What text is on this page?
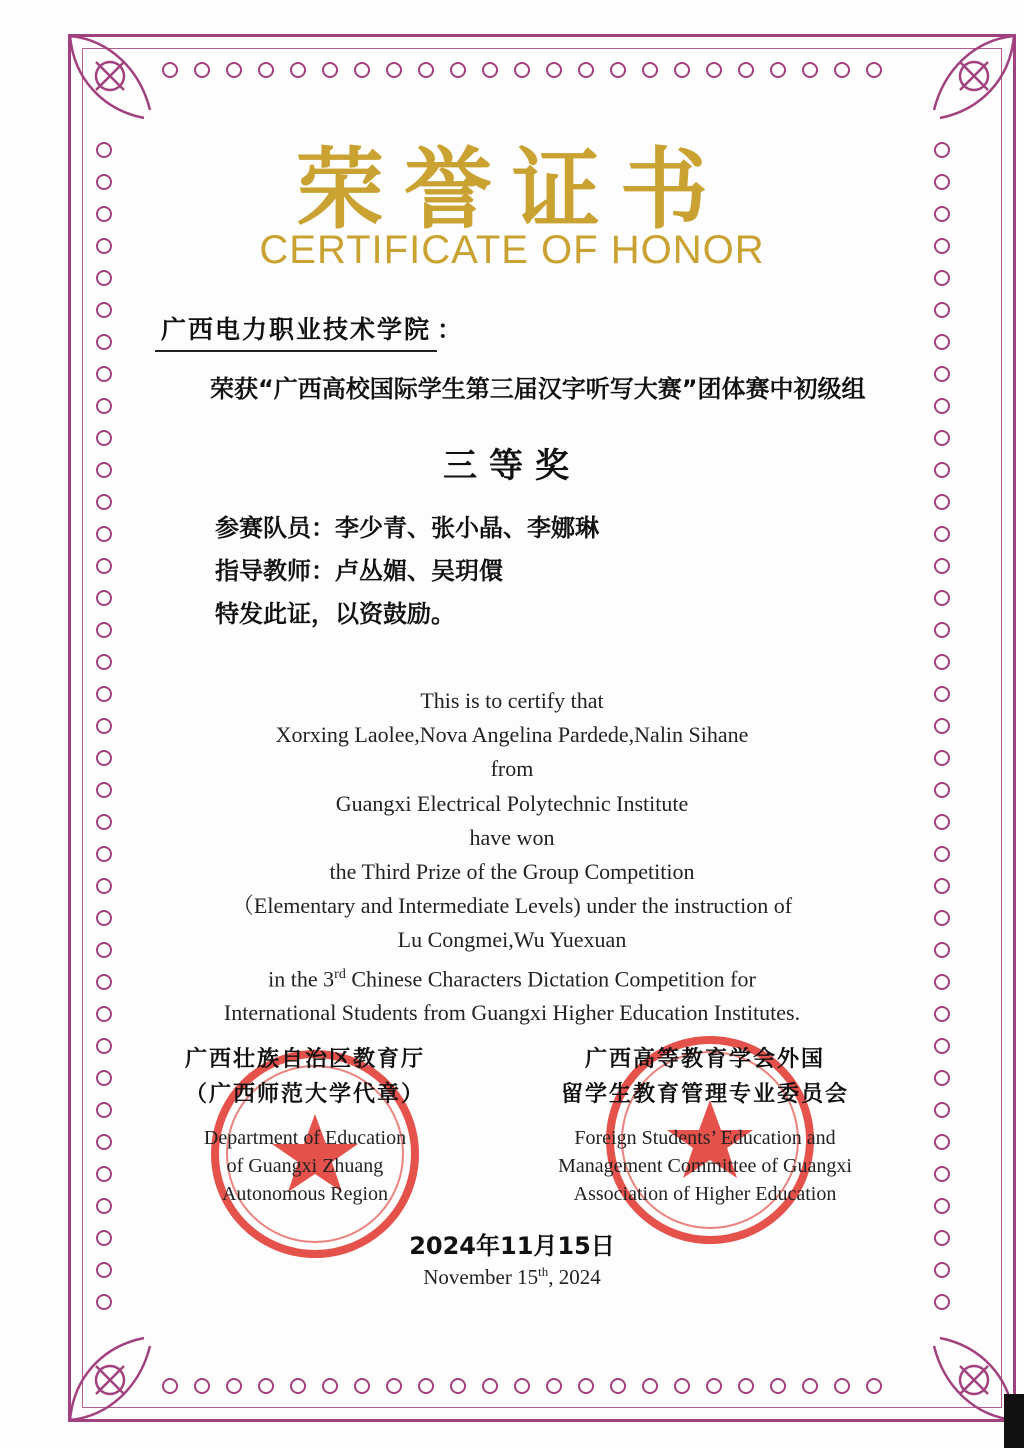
荣誉证书
CERTIFICATE OF HONOR
广西电力职业技术学院 ：
荣获“广西高校国际学生第三届汉字听写大赛”团体赛中初级组
三等奖
参赛队员：李少青、张小晶、李娜琳
指导教师：卢丛媚、吴玥儇
特发此证，以资鼓励。
This is to certify that
Xorxing Laolee,Nova Angelina Pardede,Nalin Sihane
from
Guangxi Electrical Polytechnic Institute
have won
the Third Prize of the Group Competition
（Elementary and Intermediate Levels) under the instruction of
Lu Congmei,Wu Yuexuan
in the 3rd Chinese Characters Dictation Competition for
International Students from Guangxi Higher Education Institutes.
广西壮族自治区教育厅
（广西师范大学代章）
Department of Education
of Guangxi Zhuang
Autonomous Region
广西高等教育学会外国
留学生教育管理专业委员会
Foreign Students’ Education and
Management Committee of Guangxi
Association of Higher Education
2024年11月15日
November 15th, 2024
